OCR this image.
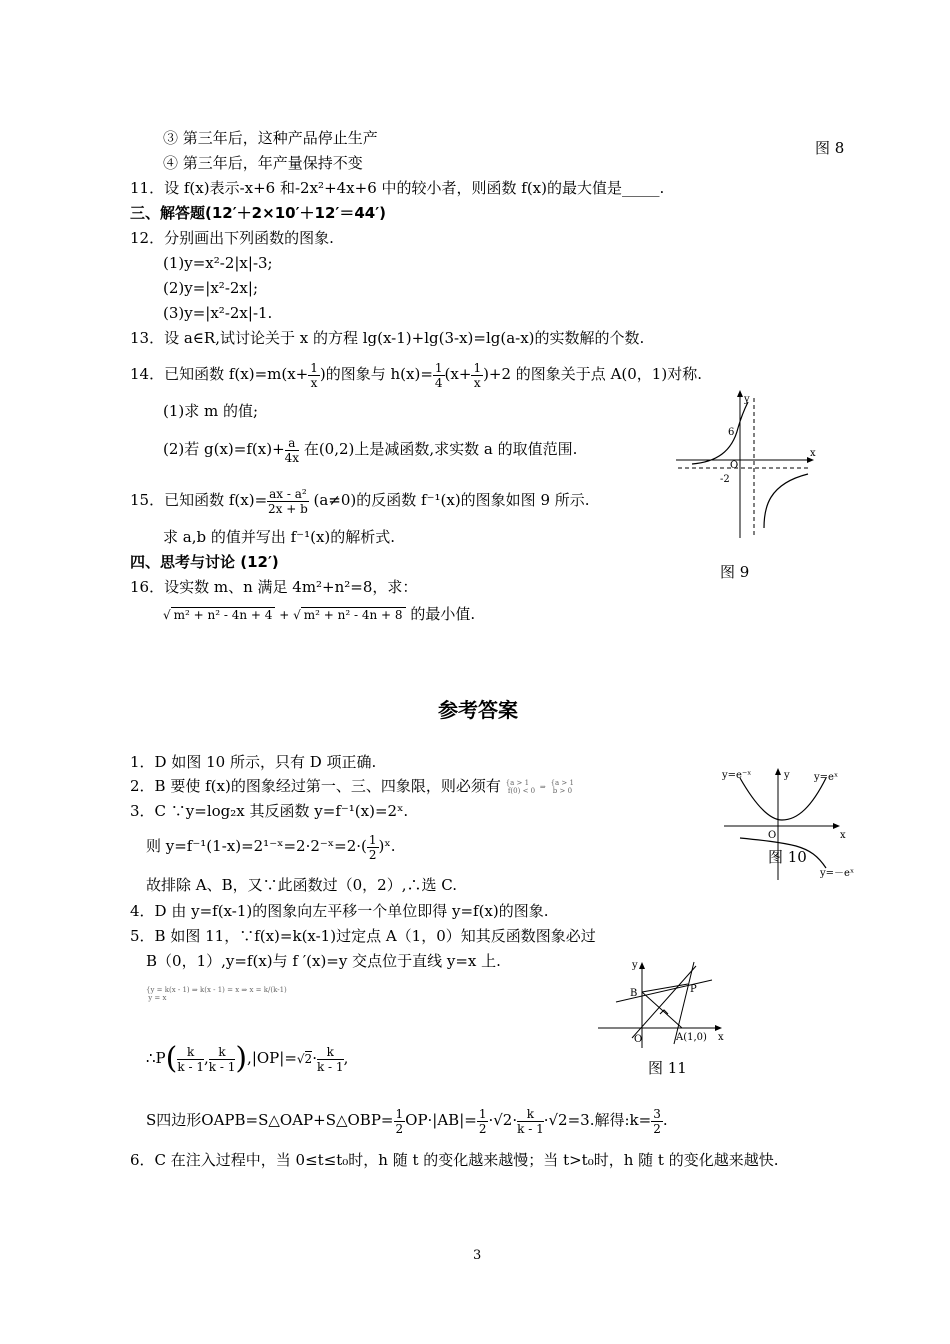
③ 第三年后，这种产品停止生产
图 8
④ 第三年后，年产量保持不变
11．设 f(x)表示-x+6 和-2x²+4x+6 中的较小者，则函数 f(x)的最大值是_____.
三、解答题(12′＋2×10′＋12′＝44′)
12．分别画出下列函数的图象.
(1)y=x²-2|x|-3;
(2)y=|x²-2x|;
(3)y=|x²-2x|-1.
13．设 a∈R,试讨论关于 x 的方程 lg(x-1)+lg(3-x)=lg(a-x)的实数解的个数.
14．已知函数 $f(x)=m(x+ \frac{1}{x}$ )的图象与 $h(x)= \frac{1}{4} (x+ \frac{1}{x} )+2$ 的图象关于点 A(0，1)对称.
(1)求 m 的值;
(2)若 $g(x)=f(x)+ \frac{a}{4x}$ 在(0,2)上是减函数,求实数 a 的取值范围.
15．已知函数 $f(x)= \frac{\text{ax - a²}}{2x + b} (a\ne 0)$的反函数 f⁻¹(x)的图象如图 9 所示.
求 a,b 的值并写出 f⁻¹(x)的解析式.
四、思考与讨论 (12′)
16．设实数 m、n 满足 4m²+n²=8，求：
√ m² + n² - 4n + 4 + √ m² + n² - 4n + 8 的最小值.
y
x
6
O
-2
图 9
参考答案
1．D 如图 10 所示，只有 D 项正确.
2．B 要使 f(x)的图象经过第一、三、四象限，则必须有 {a > 1
f(0) < 0 ⇒ {a > 1
b > 0
3．C ∵y=log₂x 其反函数 y=f⁻¹(x)=2ˣ.
则 y=f⁻¹(1-x)=2¹⁻ˣ=2·2⁻ˣ=2·( $\frac{1}{2}$ )ˣ.
故排除 A、B，又∵此函数过（0，2）,∴选 C.
4．D 由 y=f(x-1)的图象向左平移一个单位即得 y=f(x)的图象.
5．B 如图 11，∵f(x)=k(x-1)过定点 A（1，0）知其反函数图象必过
B（0，1）,y=f(x)与 f ′(x)=y 交点位于直线 y=x 上.
{y = k(x - 1) ⇒ k(x - 1) = x ⇒ x = k/(k-1)
y = x
∴P( $\frac{k}{k - 1}$ , $\frac{k}{k - 1} ),|OP|=√2\cdot \frac{k}{k - 1}$ ,
S四边形OAPB=S△OAP+S△OBP= $\frac{1}{2} OP\cdot|AB|= \frac{1}{2} \cdot√2\cdot \frac{k}{k - 1} \cdot√2=3$.解得:k= $\frac{3}{2}$ .
6．C 在注入过程中，当 0≤t≤t₀时，h 随 t 的变化越来越慢；当 t>t₀时，h 随 t 的变化越来越快.
y=e⁻ˣ	y y=eˣ
O	x
y=－eˣ
图 10
y
B	P
O	A(1,0) x
图 11
3
